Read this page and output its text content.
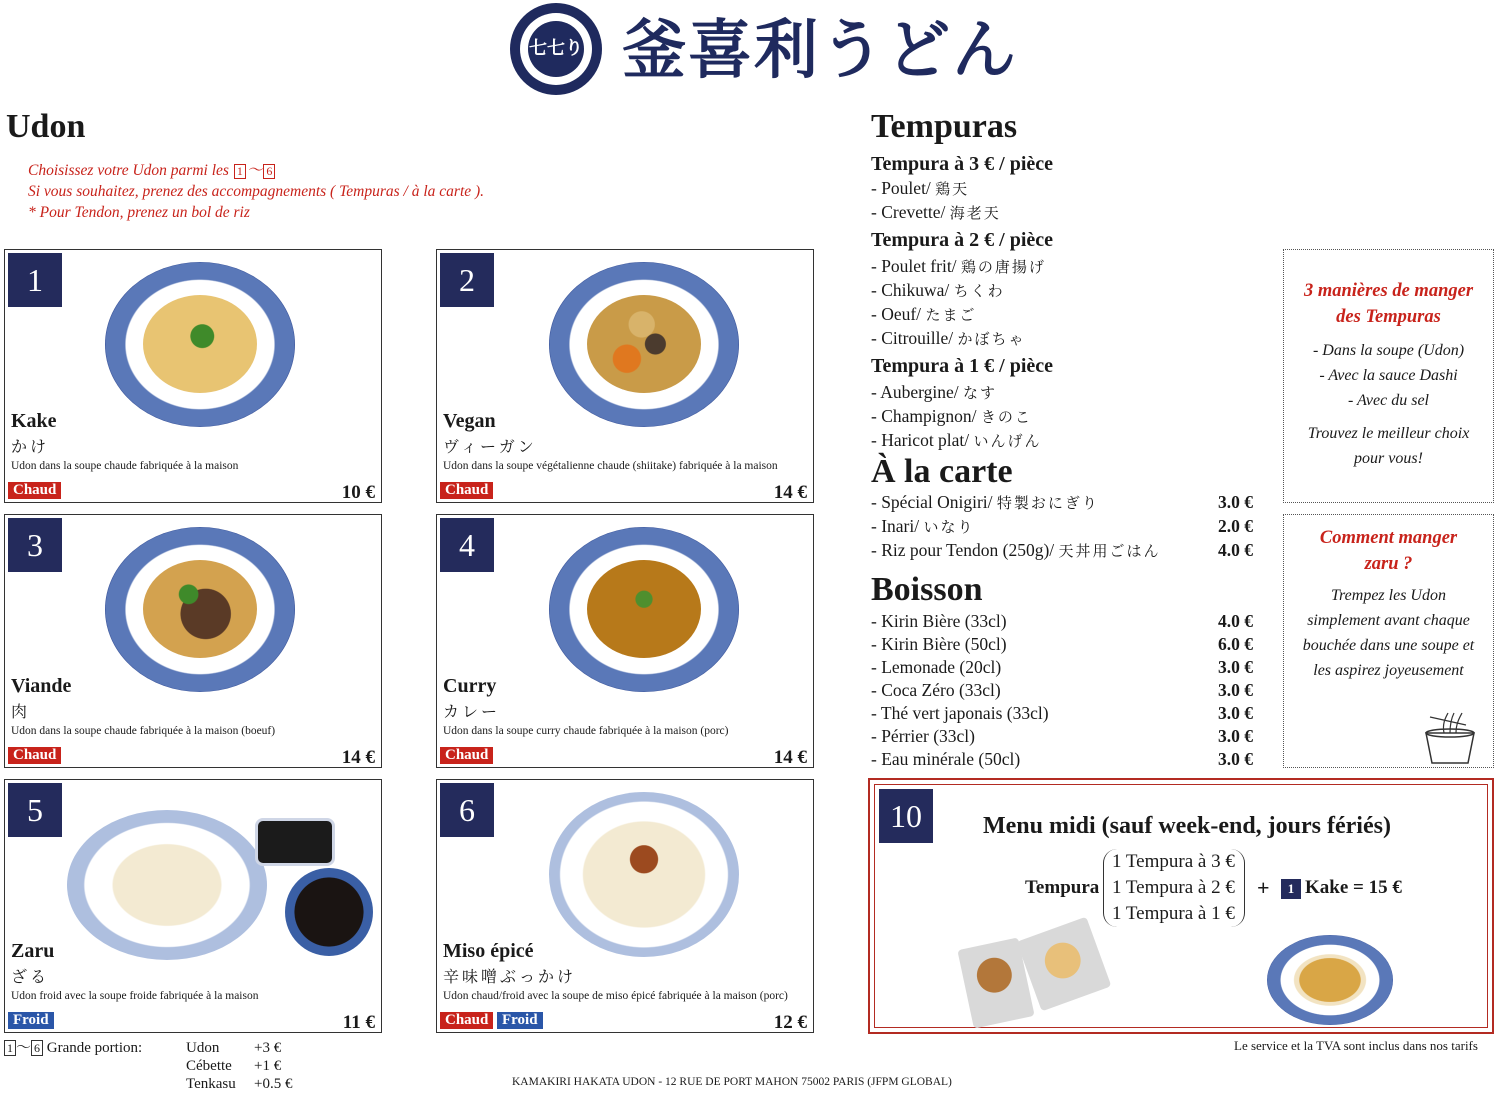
七七り 釜喜利うどん
Udon
Choisissez votre Udon parmi les 1 〜 6
Si vous souhaitez, prenez des accompagnements ( Tempuras / à la carte ).
* Pour Tendon, prenez un bol de riz
1
Kake
かけ
Udon dans la soupe chaude fabriquée à la maison
Chaud	10 €
2
Vegan
ヴィーガン
Udon dans la soupe végétalienne chaude (shiitake) fabriquée à la maison
Chaud	14 €
3
Viande
肉
Udon dans la soupe chaude fabriquée à la maison (boeuf)
Chaud	14 €
4
Curry
カレー
Udon dans la soupe curry chaude fabriquée à la maison (porc)
Chaud	14 €
5
Zaru
ざる
Udon froid avec la soupe froide fabriquée à la maison
Froid	11 €
6
Miso épicé
辛味噌ぶっかけ
Udon chaud/froid avec la soupe de miso épicé fabriquée à la maison (porc)
Chaud Froid	12 €
1 〜 6 Grande portion:	Udon +3 €
Cébette +1 €
Tenkasu +0.5 €
Tempuras
Tempura à 3 € / pièce
- Poulet/ 鶏天
- Crevette/ 海老天
Tempura à 2 € / pièce
- Poulet frit/ 鶏の唐揚げ
- Chikuwa/ ちくわ
- Oeuf/ たまご
- Citrouille/ かぼちゃ
Tempura à 1 € / pièce
- Aubergine/ なす
- Champignon/ きのこ
- Haricot plat/ いんげん
À la carte
- Spécial Onigiri/ 特製おにぎり	3.0 €
- Inari/ いなり	2.0 €
- Riz pour Tendon (250g)/ 天丼用ごはん	4.0 €
Boisson
- Kirin Bière (33cl)	4.0 €
- Kirin Bière (50cl)	6.0 €
- Lemonade (20cl)	3.0 €
- Coca Zéro (33cl)	3.0 €
- Thé vert japonais (33cl)	3.0 €
- Pérrier (33cl)	3.0 €
- Eau minérale (50cl)	3.0 €
3 manières de manger
des Tempuras
- Dans la soupe (Udon)
- Avec la sauce Dashi
- Avec du sel
Trouvez le meilleur choix
pour vous!
Comment manger
zaru ?
Trempez les Udon
simplement avant chaque
bouchée dans une soupe et
les aspirez joyeusement
10	Menu midi (sauf week-end, jours fériés)
Tempura
1 Tempura à 3 €
1 Tempura à 2 €
1 Tempura à 1 €
+	1 Kake = 15 €
Le service et la TVA sont inclus dans nos tarifs
KAMAKIRI HAKATA UDON - 12 RUE DE PORT MAHON 75002 PARIS (JFPM GLOBAL)
